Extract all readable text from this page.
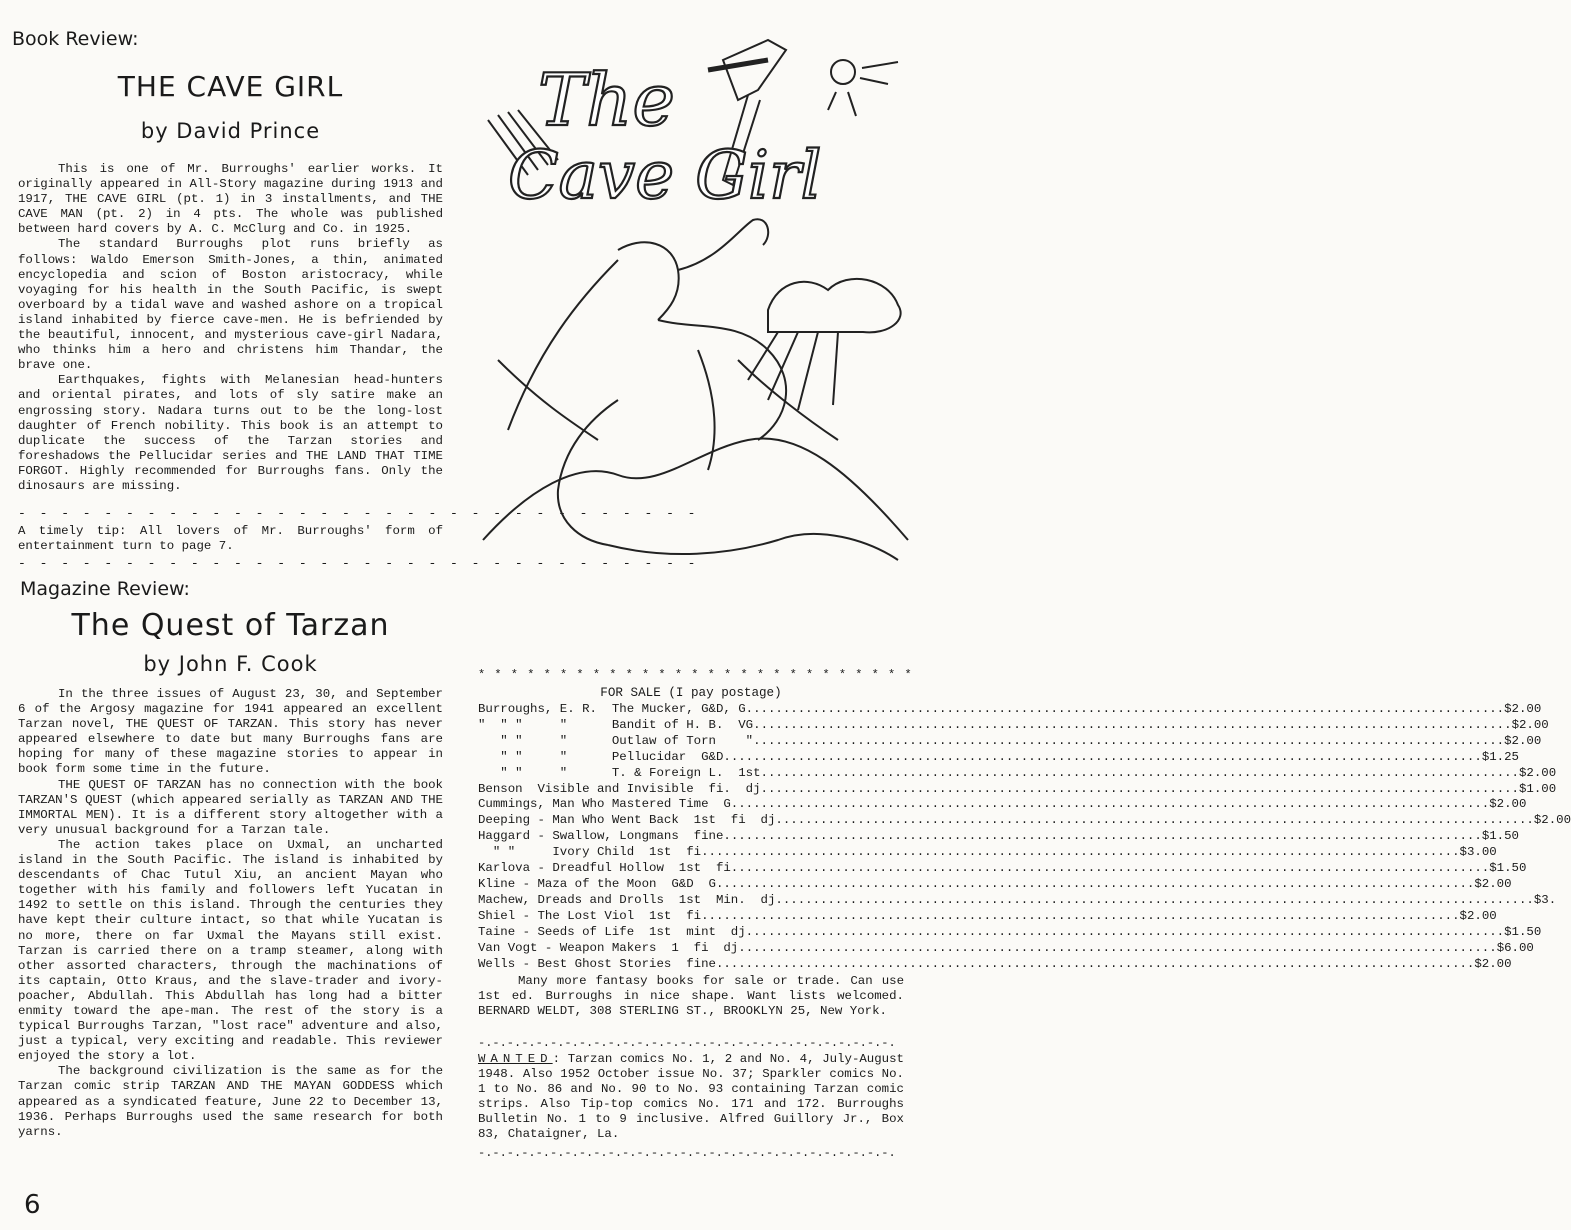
Book Review:
THE CAVE GIRL
by David Prince

This is one of Mr. Burroughs' earlier works. It originally appeared in All-Story magazine during 1913 and 1917, THE CAVE GIRL (pt. 1) in 3 installments, and THE CAVE MAN (pt. 2) in 4 pts. The whole was published between hard covers by A. C. McClurg and Co. in 1925.

The standard Burroughs plot runs briefly as follows: Waldo Emerson Smith-Jones, a thin, animated encyclopedia and scion of Boston aristocracy, while voyaging for his health in the South Pacific, is swept overboard by a tidal wave and washed ashore on a tropical island inhabited by fierce cave-men. He is befriended by the beautiful, innocent, and mysterious cave-girl Nadara, who thinks him a hero and christens him Thandar, the brave one.

Earthquakes, fights with Melanesian head-hunters and oriental pirates, and lots of sly satire make an engrossing story. Nadara turns out to be the long-lost daughter of French nobility. This book is an attempt to duplicate the success of the Tarzan stories and foreshadows the Pellucidar series and THE LAND THAT TIME FORGOT. Highly recommended for Burroughs fans. Only the dinosaurs are missing.

- - - - - - - - - - - - - - - - - - - - - - - - - - - - - - - -
A timely tip: All lovers of Mr. Burroughs' form of entertainment turn to page 7.
- - - - - - - - - - - - - - - - - - - - - - - - - - - - - - - -
Magazine Review:
The Quest of Tarzan
by John F. Cook

In the three issues of August 23, 30, and September 6 of the Argosy magazine for 1941 appeared an excellent Tarzan novel, THE QUEST OF TARZAN. This story has never appeared elsewhere to date but many Burroughs fans are hoping for many of these magazine stories to appear in book form some time in the future.

THE QUEST OF TARZAN has no connection with the book TARZAN'S QUEST (which appeared serially as TARZAN AND THE IMMORTAL MEN). It is a different story altogether with a very unusual background for a Tarzan tale.

The action takes place on Uxmal, an uncharted island in the South Pacific. The island is inhabited by descendants of Chac Tutul Xiu, an ancient Mayan who together with his family and followers left Yucatan in 1492 to settle on this island. Through the centuries they have kept their culture intact, so that while Yucatan is no more, there on far Uxmal the Mayans still exist. Tarzan is carried there on a tramp steamer, along with other assorted characters, through the machinations of its captain, Otto Kraus, and the slave-trader and ivory-poacher, Abdullah. This Abdullah has long had a bitter enmity toward the ape-man. The rest of the story is a typical Burroughs Tarzan, "lost race" adventure and also, just a typical, very exciting and readable. This reviewer enjoyed the story a lot.

The background civilization is the same as for the Tarzan comic strip TARZAN AND THE MAYAN GODDESS which appeared as a syndicated feature, June 22 to December 13, 1936. Perhaps Burroughs used the same research for both yarns.

The
Cave Girl
* * * * * * * * * * * * * * * * * * * * * * * * * * *
FOR SALE (I pay postage)
Burroughs, E. R.  The Mucker, G&D, G. .....	$2.00
"  " "     "      Bandit of H. B.  VG. .....	$2.00
" "     "      Outlaw of Torn    " .....	$2.00
" "     "      Pellucidar  G&D. .....	$1.25
" "     "      T. & Foreign L.  1st. .....	$2.00
Benson  Visible and Invisible  fi.  dj. .....	$1.00
Cummings, Man Who Mastered Time  G. .....	$2.00
Deeping - Man Who Went Back  1st  fi  dj. .....	$2.00
Haggard - Swallow, Longmans  fine. .....	$1.50
" "     Ivory Child  1st  fi. .....	$3.00
Karlova - Dreadful Hollow  1st  fi. .....	$1.50
Kline - Maza of the Moon  G&D  G. .....	$2.00
Machew, Dreads and Drolls  1st  Min.  dj. .....	$3.
Shiel - The Lost Viol  1st  fi. .....	$2.00
Taine - Seeds of Life  1st  mint  dj. .....	$1.50
Van Vogt - Weapon Makers  1  fi  dj. .....	$6.00
Wells - Best Ghost Stories  fine. .....	$2.00
Many more fantasy books for sale or trade. Can use 1st ed. Burroughs in nice shape. Want lists welcomed. BERNARD WELDT, 308 STERLING ST., BROOKLYN 25, New York.
-.-.-.-.-.-.-.-.-.-.-.-.-.-.-.-.-.-.-.-.-.-.-.-.-.-.-.-.-.
WANTED: Tarzan comics No. 1, 2 and No. 4, July-August 1948. Also 1952 October issue No. 37; Sparkler comics No. 1 to No. 86 and No. 90 to No. 93 containing Tarzan comic strips. Also Tip-top comics No. 171 and 172. Burroughs Bulletin No. 1 to 9 inclusive. Alfred Guillory Jr., Box 83, Chataigner, La.
-.-.-.-.-.-.-.-.-.-.-.-.-.-.-.-.-.-.-.-.-.-.-.-.-.-.-.-.-.
6
